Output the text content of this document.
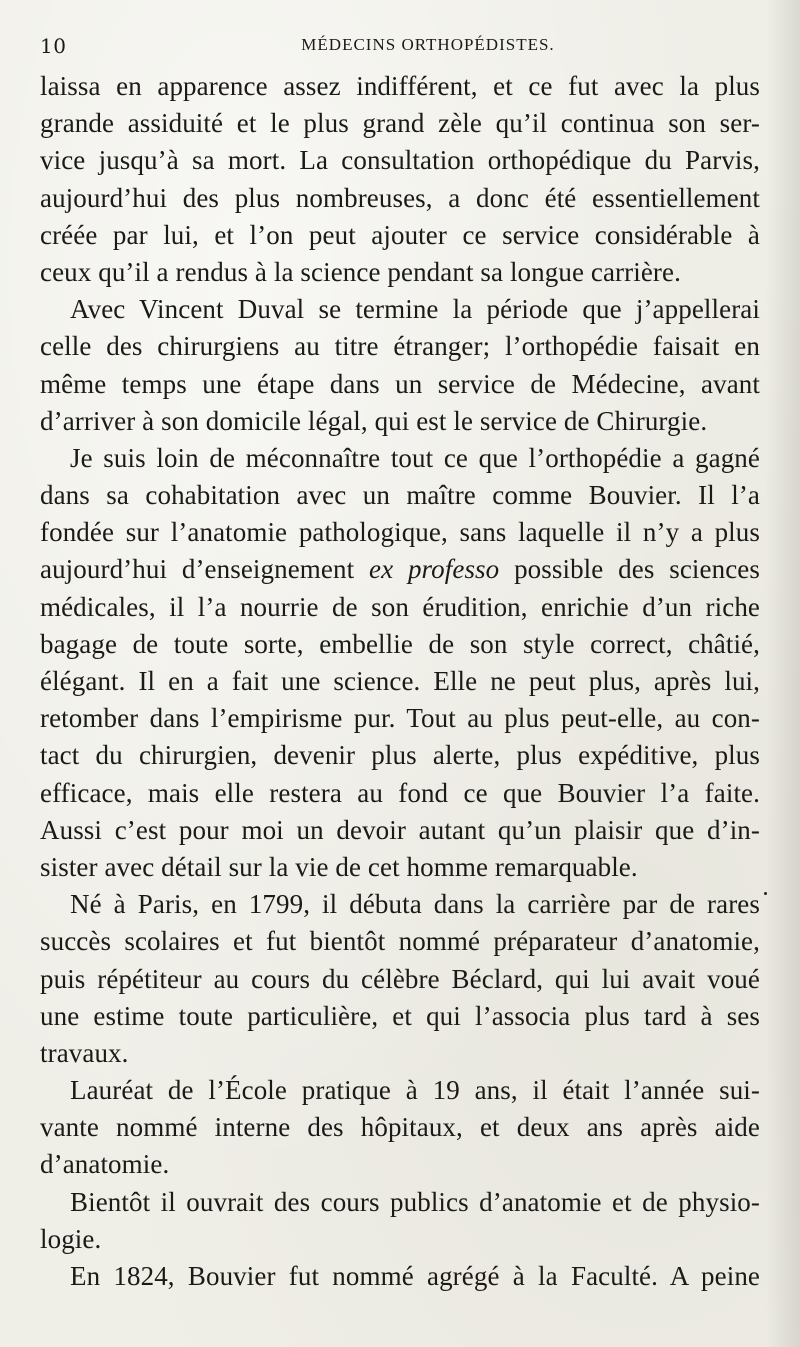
10	MÉDECINS ORTHOPÉDISTES.
laissa en apparence assez indifférent, et ce fut avec la plus
grande assiduité et le plus grand zèle qu’il continua son ser-
vice jusqu’à sa mort. La consultation orthopédique du Parvis,
aujourd’hui des plus nombreuses, a donc été essentiellement
créée par lui, et l’on peut ajouter ce service considérable à
ceux qu’il a rendus à la science pendant sa longue carrière.
Avec Vincent Duval se termine la période que j’appellerai
celle des chirurgiens au titre étranger; l’orthopédie faisait en
même temps une étape dans un service de Médecine, avant
d’arriver à son domicile légal, qui est le service de Chirurgie.
Je suis loin de méconnaître tout ce que l’orthopédie a gagné
dans sa cohabitation avec un maître comme Bouvier. Il l’a
fondée sur l’anatomie pathologique, sans laquelle il n’y a plus
aujourd’hui d’enseignement ex professo possible des sciences
médicales, il l’a nourrie de son érudition, enrichie d’un riche
bagage de toute sorte, embellie de son style correct, châtié,
élégant. Il en a fait une science. Elle ne peut plus, après lui,
retomber dans l’empirisme pur. Tout au plus peut-elle, au con-
tact du chirurgien, devenir plus alerte, plus expéditive, plus
efficace, mais elle restera au fond ce que Bouvier l’a faite.
Aussi c’est pour moi un devoir autant qu’un plaisir que d’in-
sister avec détail sur la vie de cet homme remarquable.
Né à Paris, en 1799, il débuta dans la carrière par de rares
succès scolaires et fut bientôt nommé préparateur d’anatomie,
puis répétiteur au cours du célèbre Béclard, qui lui avait voué
une estime toute particulière, et qui l’associa plus tard à ses
travaux.
Lauréat de l’École pratique à 19 ans, il était l’année sui-
vante nommé interne des hôpitaux, et deux ans après aide
d’anatomie.
Bientôt il ouvrait des cours publics d’anatomie et de physio-
logie.
En 1824, Bouvier fut nommé agrégé à la Faculté. A peine
